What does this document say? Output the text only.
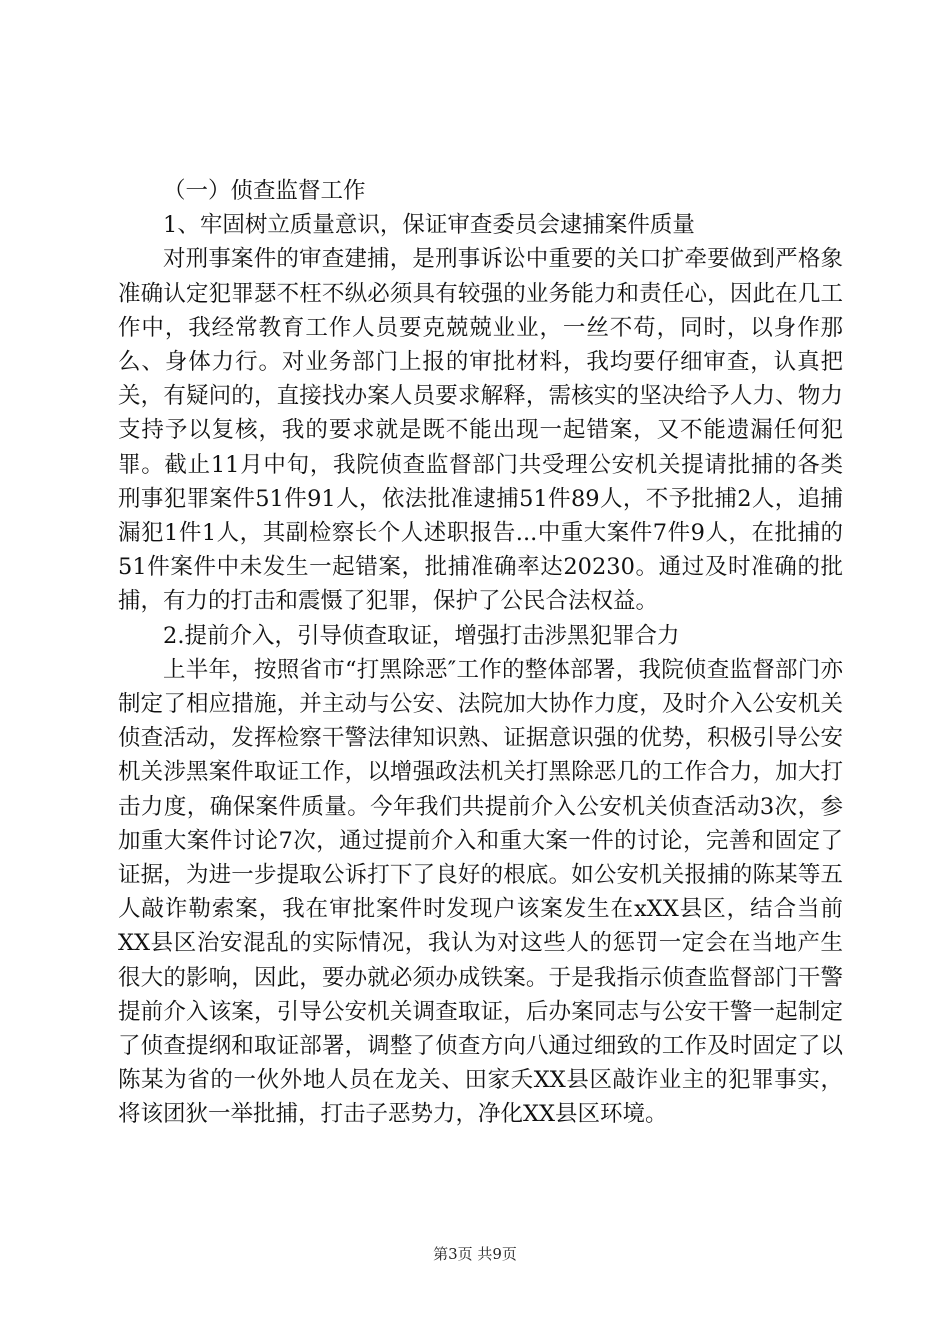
（一）侦查监督工作

1、牢固树立质量意识，保证审查委员会逮捕案件质量

对刑事案件的审查建捕，是刑事诉讼中重要的关口扩牵要做到严格象准确认定犯罪瑟不枉不纵必须具有较强的业务能力和责任心，因此在几工作中，我经常教育工作人员要克兢兢业业，一丝不苟，同时，以身作那么、身体力行。对业务部门上报的审批材料，我均要仔细审查，认真把关，有疑问的，直接找办案人员要求解释，需核实的坚决给予人力、物力支持予以复核，我的要求就是既不能出现一起错案，又不能遗漏任何犯罪。截止11月中旬，我院侦查监督部门共受理公安机关提请批捕的各类刑事犯罪案件51件91人，依法批准逮捕51件89人，不予批捕2人，追捕漏犯1件1人，其副检察长个人述职报告...中重大案件7件9人，在批捕的51件案件中未发生一起错案，批捕准确率达20230。通过及时准确的批捕，有力的打击和震慑了犯罪，保护了公民合法权益。

2.提前介入，引导侦查取证，增强打击涉黑犯罪合力

上半年，按照省市“打黑除恶″工作的整体部署，我院侦查监督部门亦制定了相应措施，并主动与公安、法院加大协作力度，及时介入公安机关侦查活动，发挥检察干警法律知识熟、证据意识强的优势，积极引导公安机关涉黑案件取证工作，以增强政法机关打黑除恶几的工作合力，加大打击力度，确保案件质量。今年我们共提前介入公安机关侦查活动3次，参加重大案件讨论7次，通过提前介入和重大案一件的讨论，完善和固定了证据，为进一步提取公诉打下了良好的根底。如公安机关报捕的陈某等五人敲诈勒索案，我在审批案件时发现户该案发生在xXX县区，结合当前XX县区治安混乱的实际情况，我认为对这些人的惩罚一定会在当地产生很大的影响，因此，要办就必须办成铁案。于是我指示侦查监督部门干警提前介入该案，引导公安机关调查取证，后办案同志与公安干警一起制定了侦查提纲和取证部署，调整了侦查方向八通过细致的工作及时固定了以陈某为省的一伙外地人员在龙关、田家夭XX县区敲诈业主的犯罪事实，将该团狄一举批捕，打击子恶势力，净化XX县区环境。

第3页 共9页
